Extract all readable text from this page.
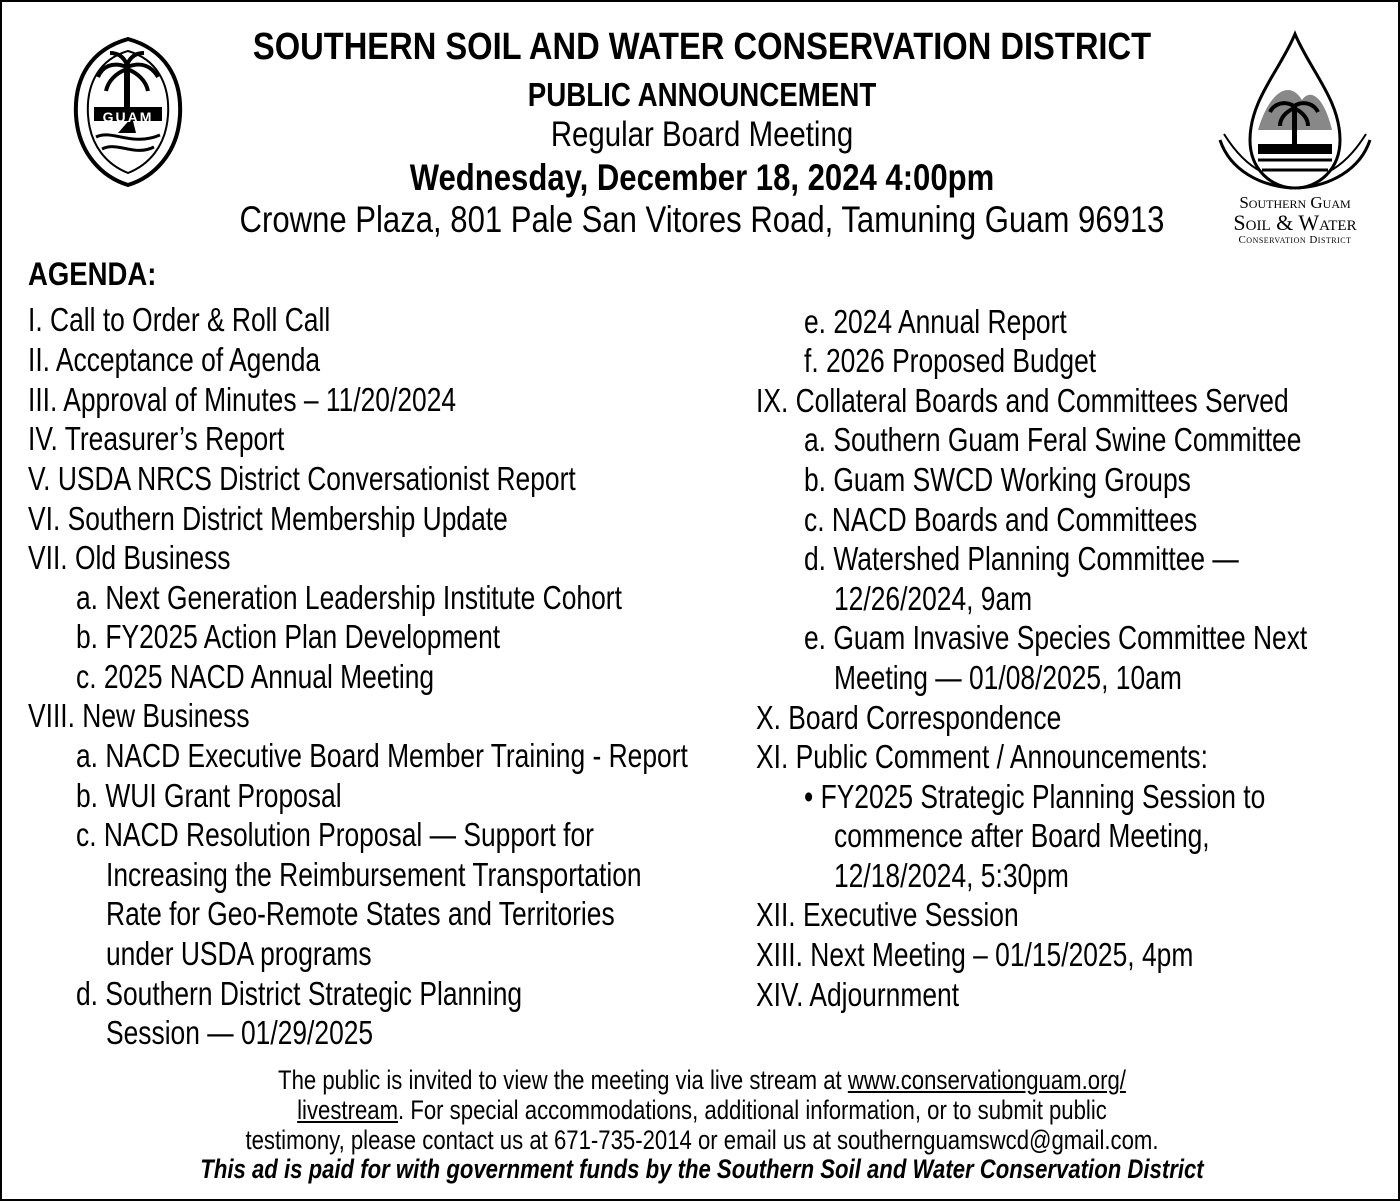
GUAM
SOUTHERN SOIL AND WATER CONSERVATION DISTRICT
PUBLIC ANNOUNCEMENT
Regular Board Meeting
Wednesday, December 18, 2024 4:00pm
Crowne Plaza, 801 Pale San Vitores Road, Tamuning Guam 96913	Southern Guam
Soil & Water
Conservation District
AGENDA:
I. Call to Order & Roll Call
II. Acceptance of Agenda
III. Approval of Minutes – 11/20/2024
IV. Treasurer’s Report
V. USDA NRCS District Conversationist Report
VI. Southern District Membership Update
VII. Old Business
a. Next Generation Leadership Institute Cohort
b. FY2025 Action Plan Development
c. 2025 NACD Annual Meeting
VIII. New Business
a. NACD Executive Board Member Training - Report
b. WUI Grant Proposal
c. NACD Resolution Proposal — Support for
Increasing the Reimbursement Transportation
Rate for Geo-Remote States and Territories
under USDA programs
d. Southern District Strategic Planning
Session — 01/29/2025
e. 2024 Annual Report
f. 2026 Proposed Budget
IX. Collateral Boards and Committees Served
a. Southern Guam Feral Swine Committee
b. Guam SWCD Working Groups
c. NACD Boards and Committees
d. Watershed Planning Committee —
12/26/2024, 9am
e. Guam Invasive Species Committee Next
Meeting — 01/08/2025, 10am
X. Board Correspondence
XI. Public Comment / Announcements:
• FY2025 Strategic Planning Session to
commence after Board Meeting,
12/18/2024, 5:30pm
XII. Executive Session
XIII. Next Meeting – 01/15/2025, 4pm
XIV. Adjournment
The public is invited to view the meeting via live stream at www.conservationguam.org/
livestream. For special accommodations, additional information, or to submit public
testimony, please contact us at 671-735-2014 or email us at southernguamswcd@gmail.com.
This ad is paid for with government funds by the Southern Soil and Water Conservation District
